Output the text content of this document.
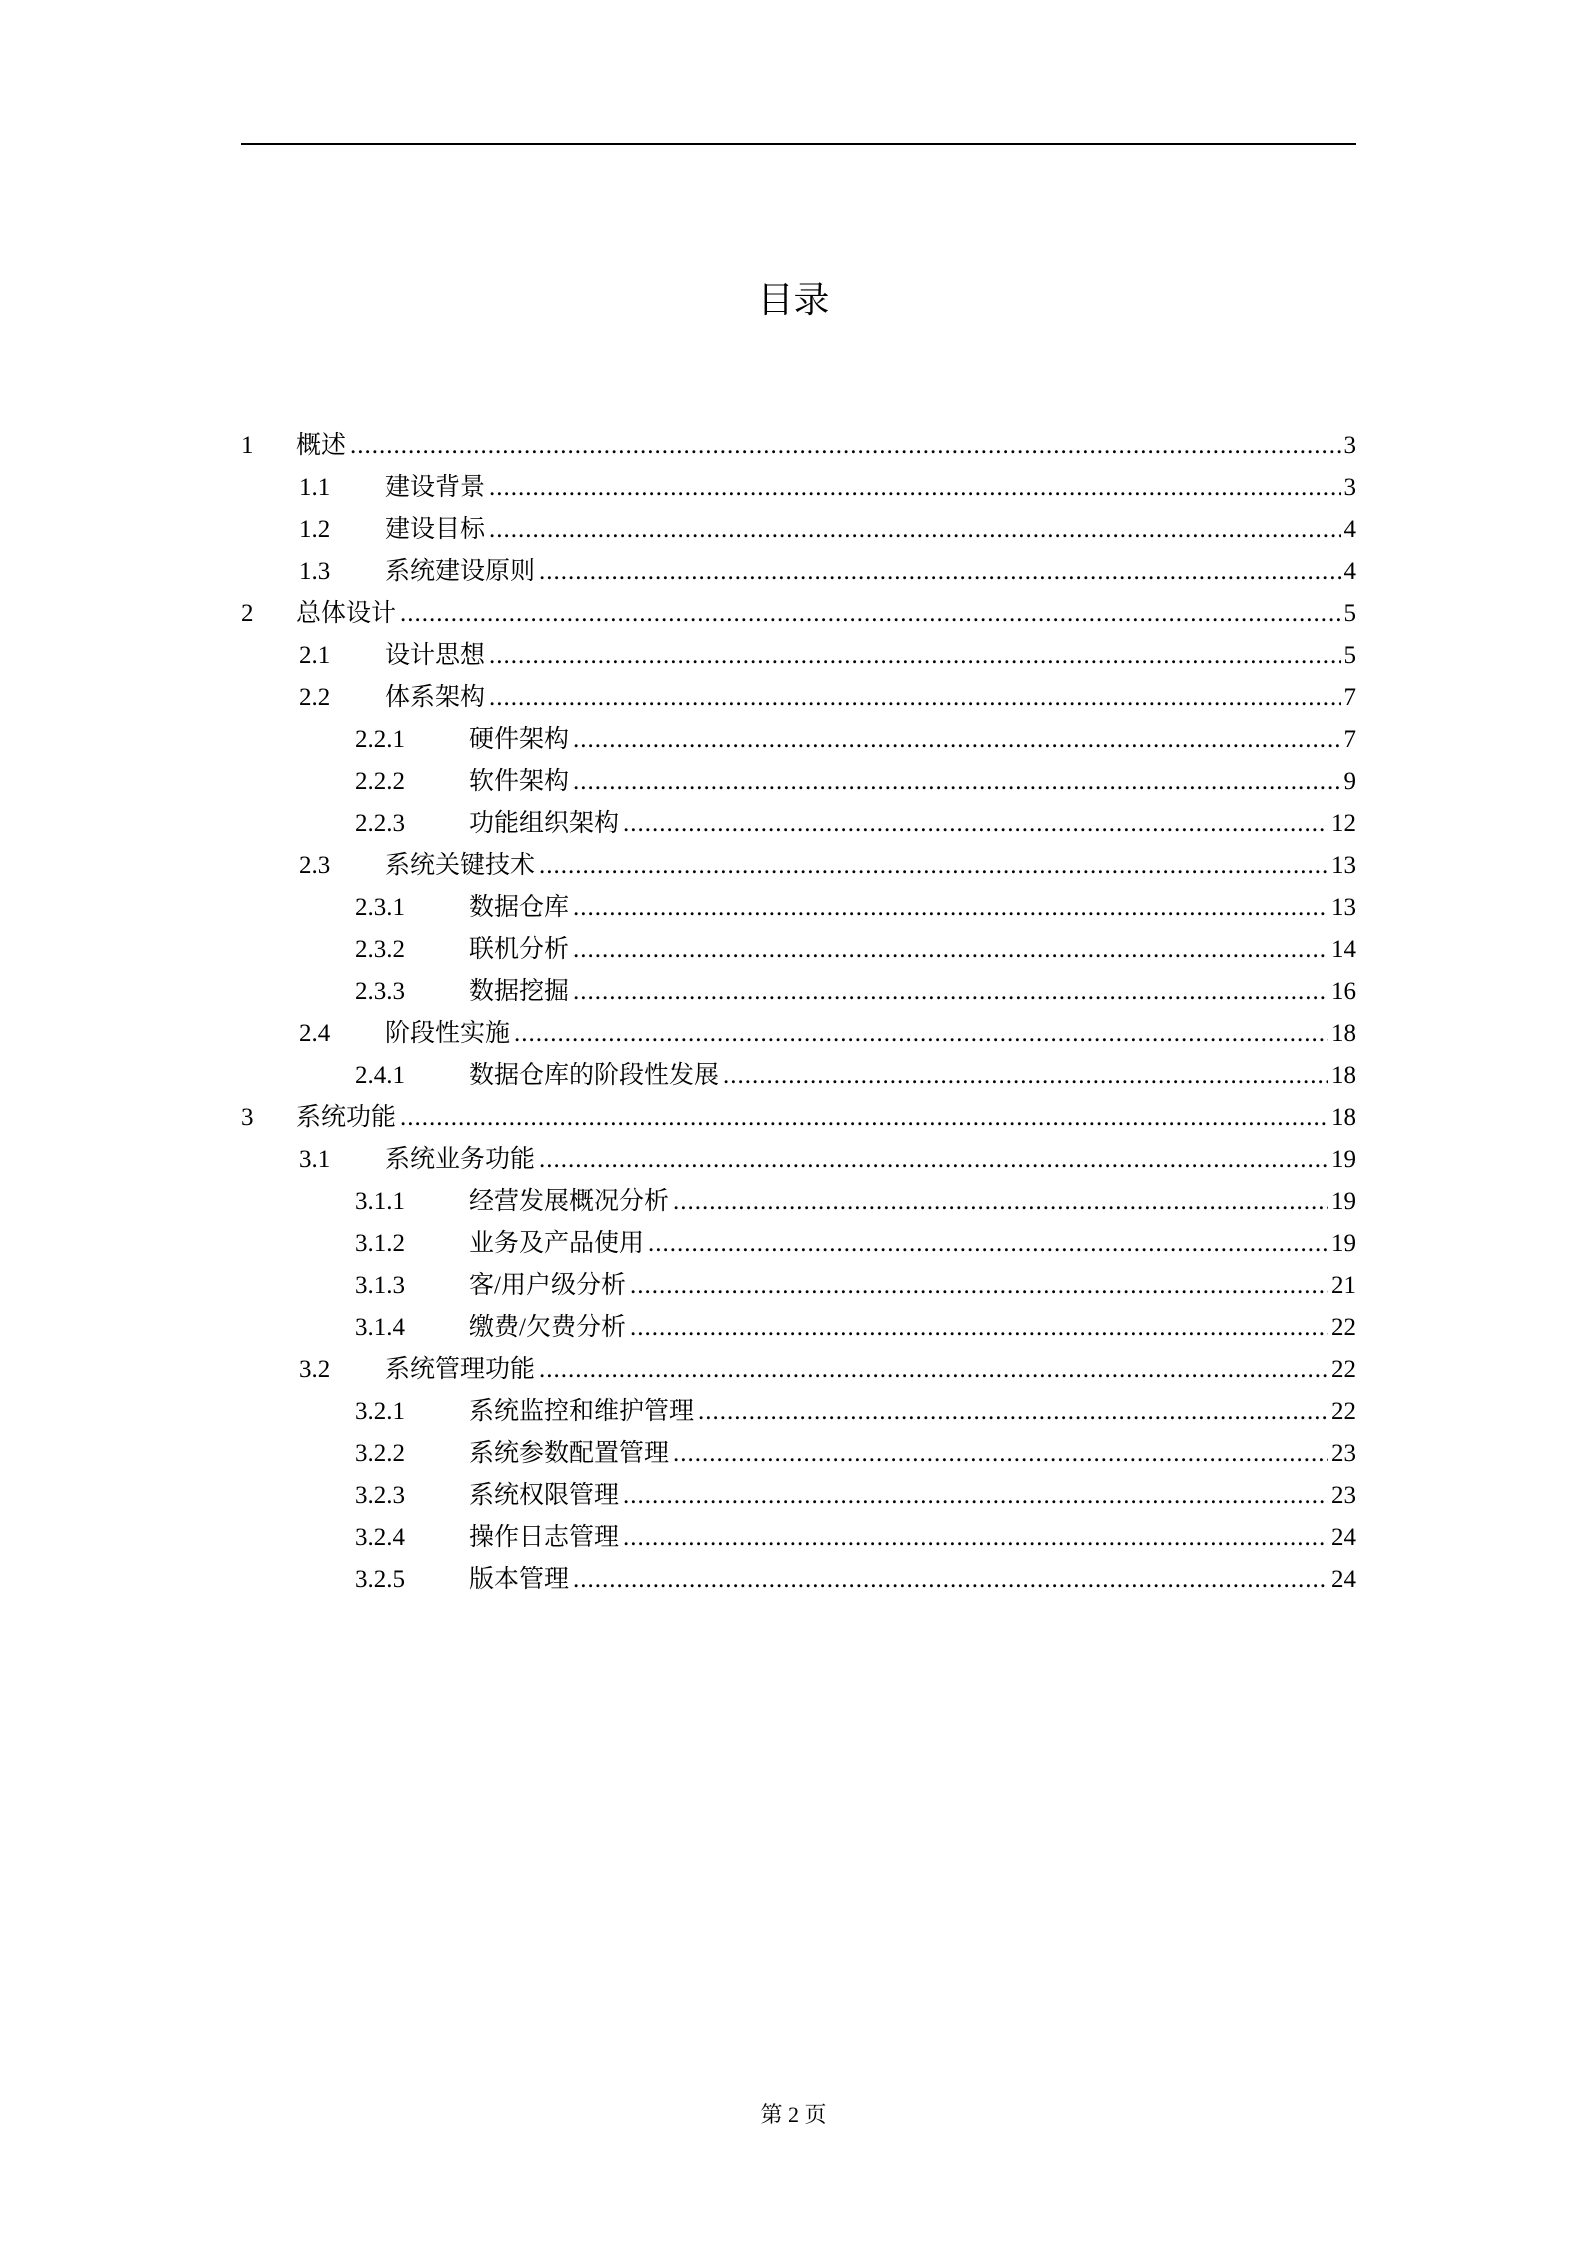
目录
1 概述 .....	3
1.1 建设背景 .....	3
1.2 建设目标 .....	4
1.3 系统建设原则 .....	4
2 总体设计 .....	5
2.1 设计思想 .....	5
2.2 体系架构 .....	7
2.2.1	硬件架构 .....	7
2.2.2	软件架构 .....	9
2.2.3	功能组织架构 .....	12
2.3 系统关键技术 .....	13
2.3.1	数据仓库 .....	13
2.3.2	联机分析 .....	14
2.3.3	数据挖掘 .....	16
2.4 阶段性实施 .....	18
2.4.1	数据仓库的阶段性发展 .....	18
3 系统功能 .....	18
3.1 系统业务功能 .....	19
3.1.1	经营发展概况分析 .....	19
3.1.2	业务及产品使用 .....	19
3.1.3	客/用户级分析 .....	21
3.1.4	缴费/欠费分析 .....	22
3.2 系统管理功能 .....	22
3.2.1	系统监控和维护管理 .....	22
3.2.2	系统参数配置管理 .....	23
3.2.3	系统权限管理 .....	23
3.2.4	操作日志管理 .....	24
3.2.5	版本管理 .....	24
第 2 页
